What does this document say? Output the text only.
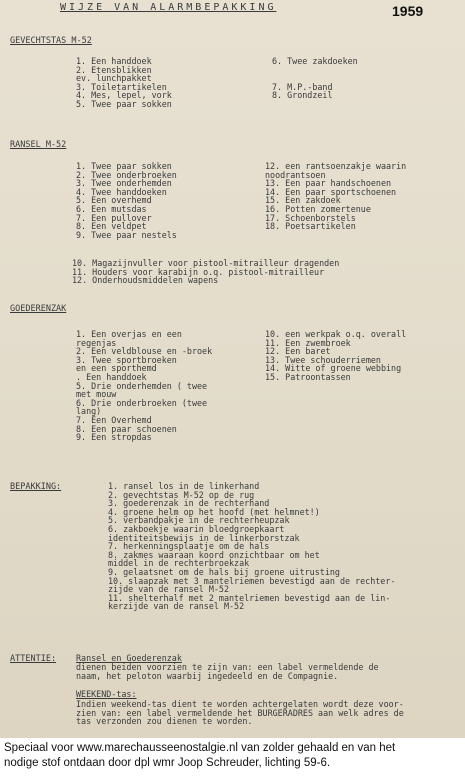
WIJZE VAN ALARMBEPAKKING	1959
GEVECHTSTAS M-52
1. Een handdoek
2. Etensblikken
ev. lunchpakket
3. Toiletartikelen
4. Mes, lepel, vork
5. Twee paar sokken
6. Twee zakdoeken

7. M.P.-band
8. Grondzeil
RANSEL M-52
1. Twee paar sokken
2. Twee onderbroeken
3. Twee onderhemden
4. Twee handdoeken
5. Een overhemd
6. Een mutsdas
7. Een pullover
8. Een veldpet
9. Twee paar nestels
12. een rantsoenzakje waarin
noodrantsoen
13. Een paar handschoenen
14. Een paar sportschoenen
15. Een zakdoek
16. Potten zomertenue
17. Schoenborstels
18. Poetsartikelen
10. Magazijnvuller voor pistool-mitrailleur dragenden
11. Houders voor karabijn o.q. pistool-mitrailleur
12. Onderhoudsmiddelen wapens
GOEDERENZAK
1. Een overjas en een
regenjas
2. Een veldblouse en -broek
3. Twee sportbroeken
en een sporthemd
. Een handdoek
5. Drie onderhemden ( twee
met mouw
6. Drie onderbroeken (twee
lang)
7. Een Overhemd
8. Een paar schoenen
9. Een stropdas
10. een werkpak o.q. overall
11. Een zwembroek
12. Een baret
13. Twee schouderriemen
14. Witte of groene webbing
15. Patroontassen
BEPAKKING:	1. ransel los in de linkerhand
2. gevechtstas M-52 op de rug
3. goederenzak in de rechterhand
4. groene helm op het hoofd (met helmnet!)
5. verbandpakje in de rechterheupzak
6. zakboekje waarin bloedgroepkaart
identiteitsbewijs in de linkerborstzak
7. herkenningsplaatje om de hals
8. zakmes waaraan koord onzichtbaar om het
middel in de rechterbroekzak
9. gelaatsnet om de hals bij groene uitrusting
10. slaapzak met 3 mantelriemen bevestigd aan de rechter-
zijde van de ransel M-52
11. shelterhalf met 2 mantelriemen bevestigd aan de lin-
kerzijde van de ransel M-52
ATTENTIE: Ransel en Goederenzak
dienen beiden voorzien te zijn van: een label vermeldende de
naam, het peloton waarbij ingedeeld en de Compagnie.
WEEKEND-tas:
Indien weekend-tas dient te worden achtergelaten wordt deze voor-
zien van: een label vermeldende het BURGERADRES aan welk adres de
tas verzonden zou dienen te worden.
Speciaal voor www.marechausseenostalgie.nl van zolder gehaald en van het
nodige stof ontdaan door dpl wmr Joop Schreuder, lichting 59-6.
